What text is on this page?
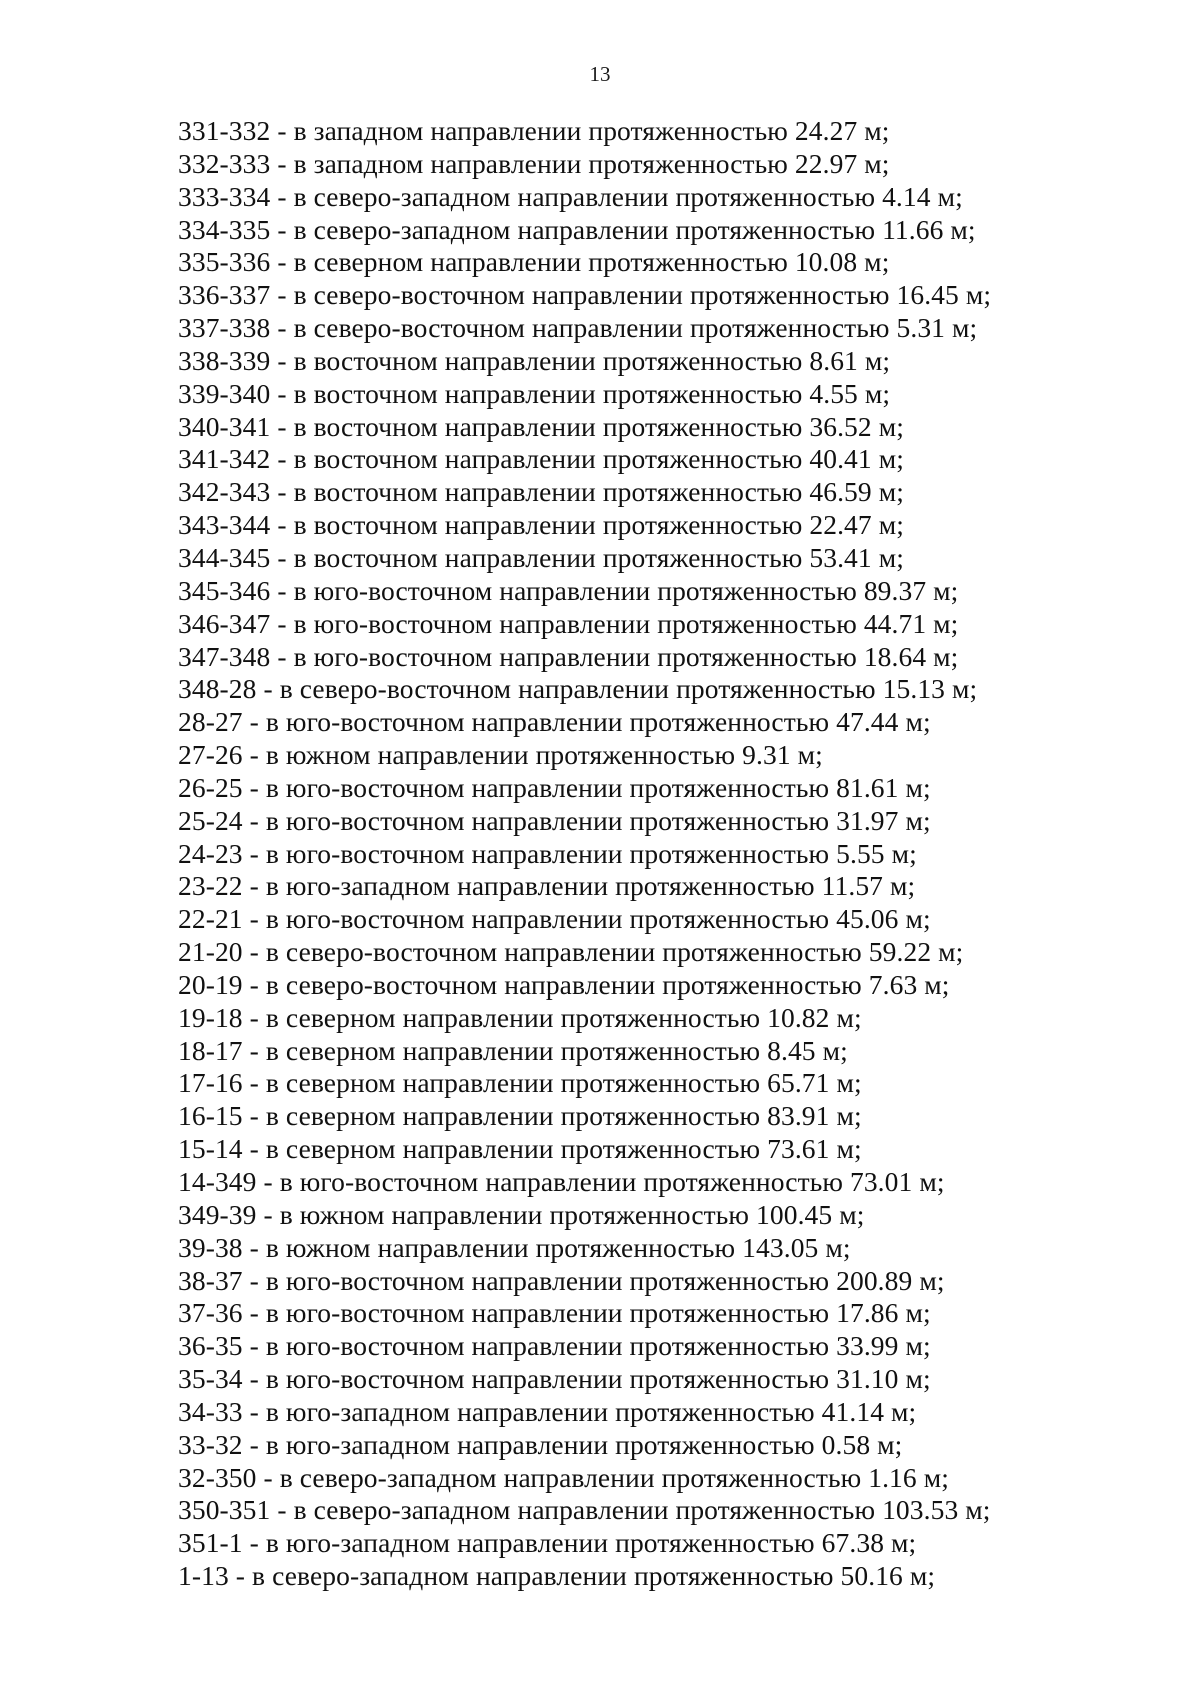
13
331-332 - в западном направлении протяженностью 24.27 м;
332-333 - в западном направлении протяженностью 22.97 м;
333-334 - в северо-западном направлении протяженностью 4.14 м;
334-335 - в северо-западном направлении протяженностью 11.66 м;
335-336 - в северном направлении протяженностью 10.08 м;
336-337 - в северо-восточном направлении протяженностью 16.45 м;
337-338 - в северо-восточном направлении протяженностью 5.31 м;
338-339 - в восточном направлении протяженностью 8.61 м;
339-340 - в восточном направлении протяженностью 4.55 м;
340-341 - в восточном направлении протяженностью 36.52 м;
341-342 - в восточном направлении протяженностью 40.41 м;
342-343 - в восточном направлении протяженностью 46.59 м;
343-344 - в восточном направлении протяженностью 22.47 м;
344-345 - в восточном направлении протяженностью 53.41 м;
345-346 - в юго-восточном направлении протяженностью 89.37 м;
346-347 - в юго-восточном направлении протяженностью 44.71 м;
347-348 - в юго-восточном направлении протяженностью 18.64 м;
348-28 - в северо-восточном направлении протяженностью 15.13 м;
28-27 - в юго-восточном направлении протяженностью 47.44 м;
27-26 - в южном направлении протяженностью 9.31 м;
26-25 - в юго-восточном направлении протяженностью 81.61 м;
25-24 - в юго-восточном направлении протяженностью 31.97 м;
24-23 - в юго-восточном направлении протяженностью 5.55 м;
23-22 - в юго-западном направлении протяженностью 11.57 м;
22-21 - в юго-восточном направлении протяженностью 45.06 м;
21-20 - в северо-восточном направлении протяженностью 59.22 м;
20-19 - в северо-восточном направлении протяженностью 7.63 м;
19-18 - в северном направлении протяженностью 10.82 м;
18-17 - в северном направлении протяженностью 8.45 м;
17-16 - в северном направлении протяженностью 65.71 м;
16-15 - в северном направлении протяженностью 83.91 м;
15-14 - в северном направлении протяженностью 73.61 м;
14-349 - в юго-восточном направлении протяженностью 73.01 м;
349-39 - в южном направлении протяженностью 100.45 м;
39-38 - в южном направлении протяженностью 143.05 м;
38-37 - в юго-восточном направлении протяженностью 200.89 м;
37-36 - в юго-восточном направлении протяженностью 17.86 м;
36-35 - в юго-восточном направлении протяженностью 33.99 м;
35-34 - в юго-восточном направлении протяженностью 31.10 м;
34-33 - в юго-западном направлении протяженностью 41.14 м;
33-32 - в юго-западном направлении протяженностью 0.58 м;
32-350 - в северо-западном направлении протяженностью 1.16 м;
350-351 - в северо-западном направлении протяженностью 103.53 м;
351-1 - в юго-западном направлении протяженностью 67.38 м;
1-13 - в северо-западном направлении протяженностью 50.16 м;
